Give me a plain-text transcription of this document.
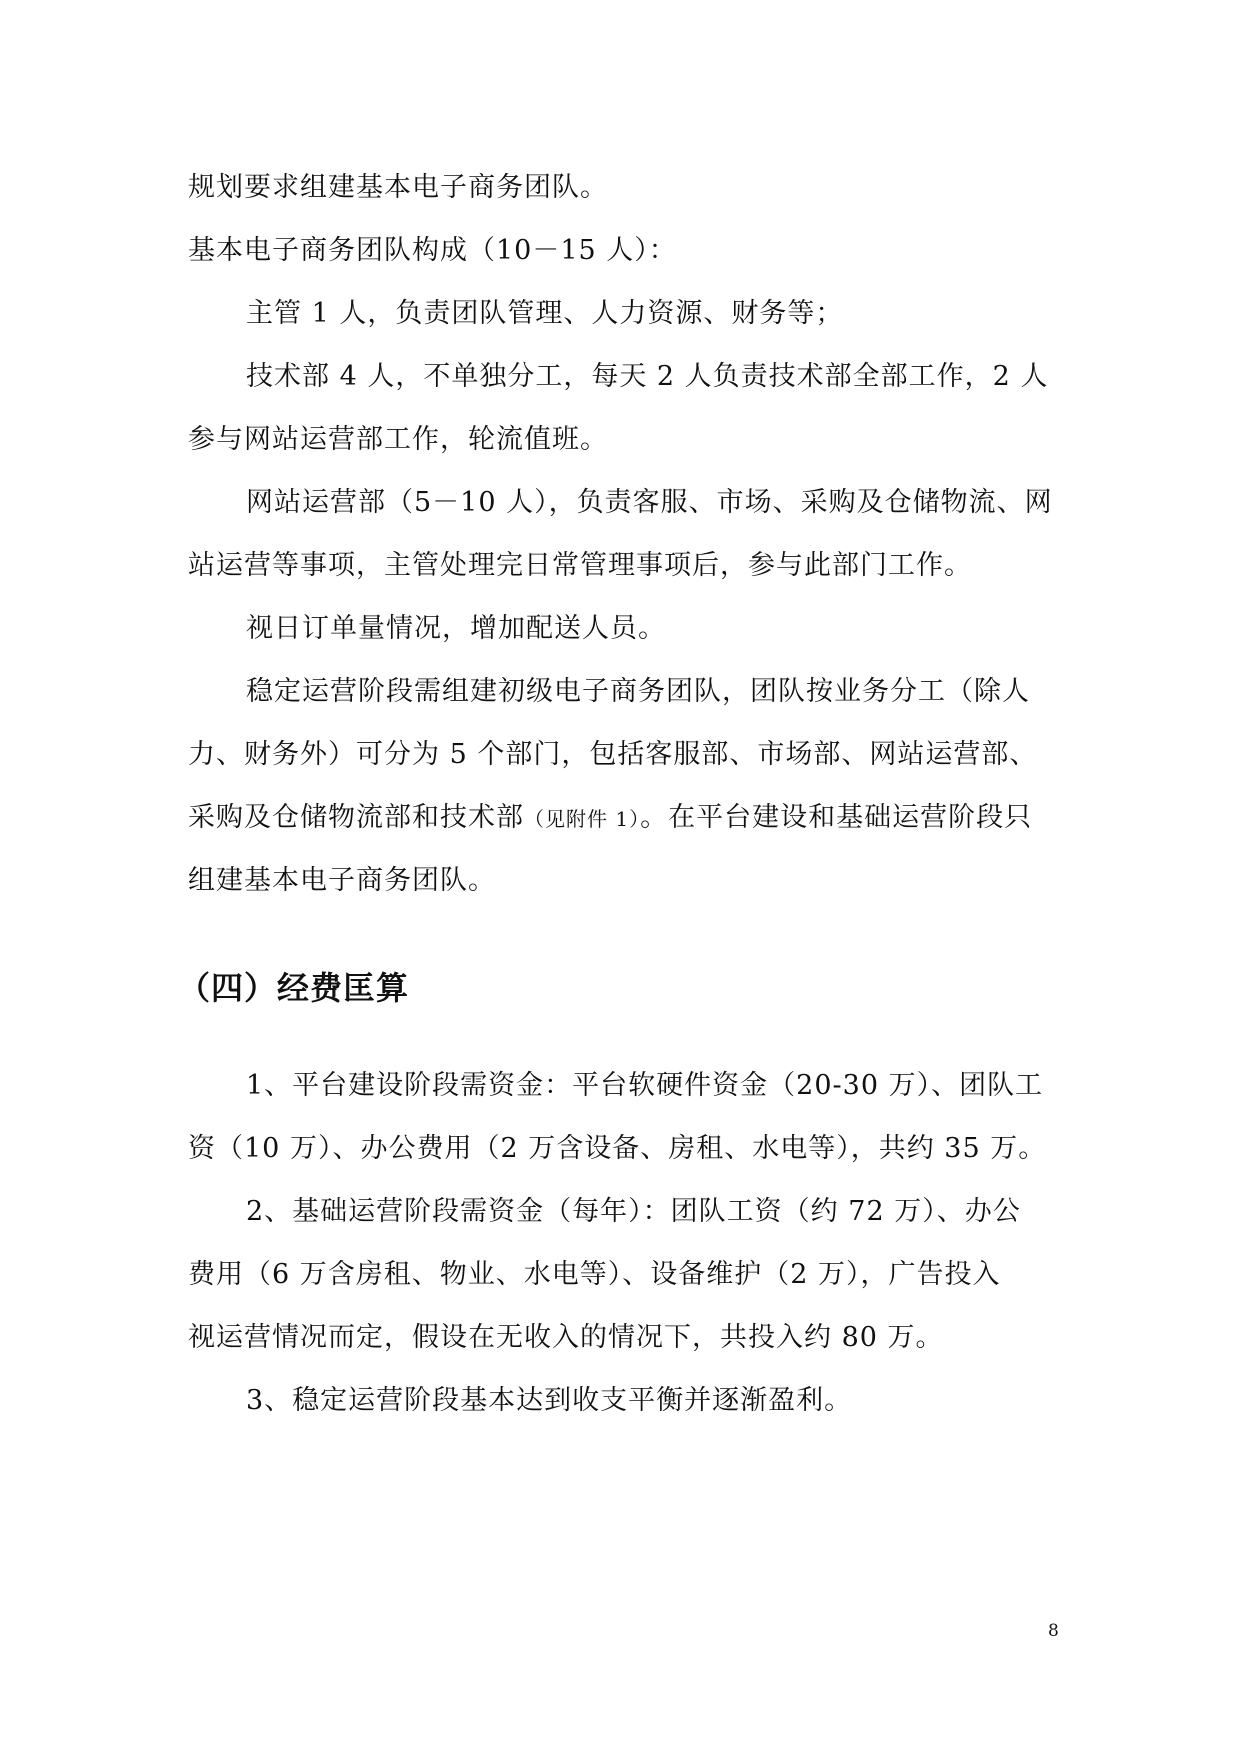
规划要求组建基本电子商务团队。
基本电子商务团队构成（10－15 人）：
主管 1 人，负责团队管理、人力资源、财务等；
技术部 4 人，不单独分工，每天 2 人负责技术部全部工作，2 人
参与网站运营部工作，轮流值班。
网站运营部（5－10 人），负责客服、市场、采购及仓储物流、网
站运营等事项，主管处理完日常管理事项后，参与此部门工作。
视日订单量情况，增加配送人员。
稳定运营阶段需组建初级电子商务团队，团队按业务分工（除人
力、财务外）可分为 5 个部门，包括客服部、市场部、网站运营部、
采购及仓储物流部和技术部（见附件 1）。在平台建设和基础运营阶段只
组建基本电子商务团队。
（四）经费匡算
1、平台建设阶段需资金：平台软硬件资金（20-30 万）、团队工
资（10 万）、办公费用（2 万含设备、房租、水电等），共约 35 万。
2、基础运营阶段需资金（每年）：团队工资（约 72 万）、办公
费用（6 万含房租、物业、水电等）、设备维护（2 万），广告投入
视运营情况而定，假设在无收入的情况下，共投入约 80 万。
3、稳定运营阶段基本达到收支平衡并逐渐盈利。
8
